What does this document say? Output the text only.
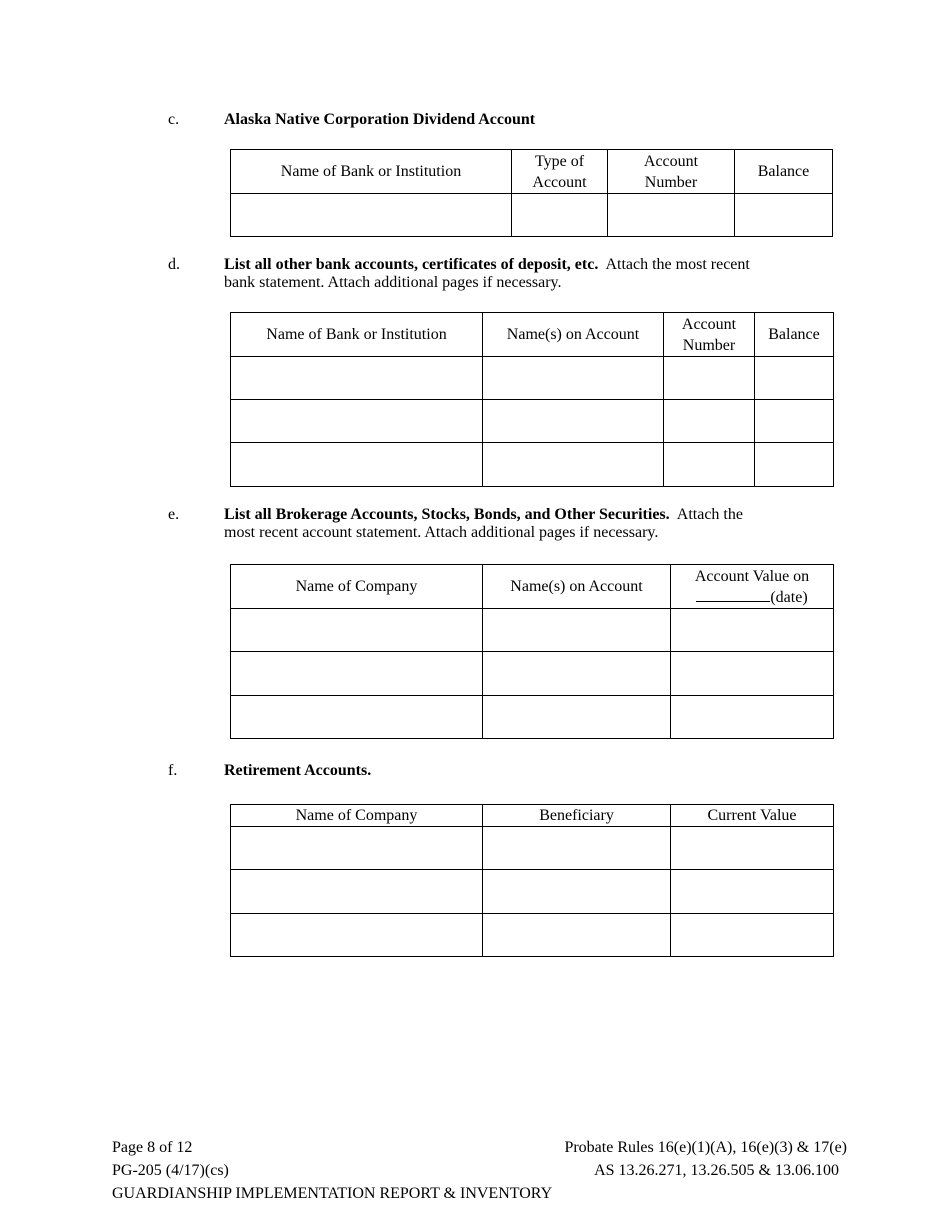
c.	Alaska Native Corporation Dividend Account
Name of Bank or Institution	Type of Account	Account Number	Balance

d.	List all other bank accounts, certificates of deposit, etc. Attach the most recent
bank statement. Attach additional pages if necessary.
Name of Bank or Institution	Name(s) on Account	Account Number	Balance

e.	List all Brokerage Accounts, Stocks, Bonds, and Other Securities. Attach the
most recent account statement. Attach additional pages if necessary.
Name of Company	Name(s) on Account	Account Value on
(date)

f.	Retirement Accounts.
Name of Company	Beneficiary	Current Value

Page 8 of 12
PG-205 (4/17)(cs)
GUARDIANSHIP IMPLEMENTATION REPORT & INVENTORY
Probate Rules 16(e)(1)(A), 16(e)(3) & 17(e)
AS 13.26.271, 13.26.505 & 13.06.100
